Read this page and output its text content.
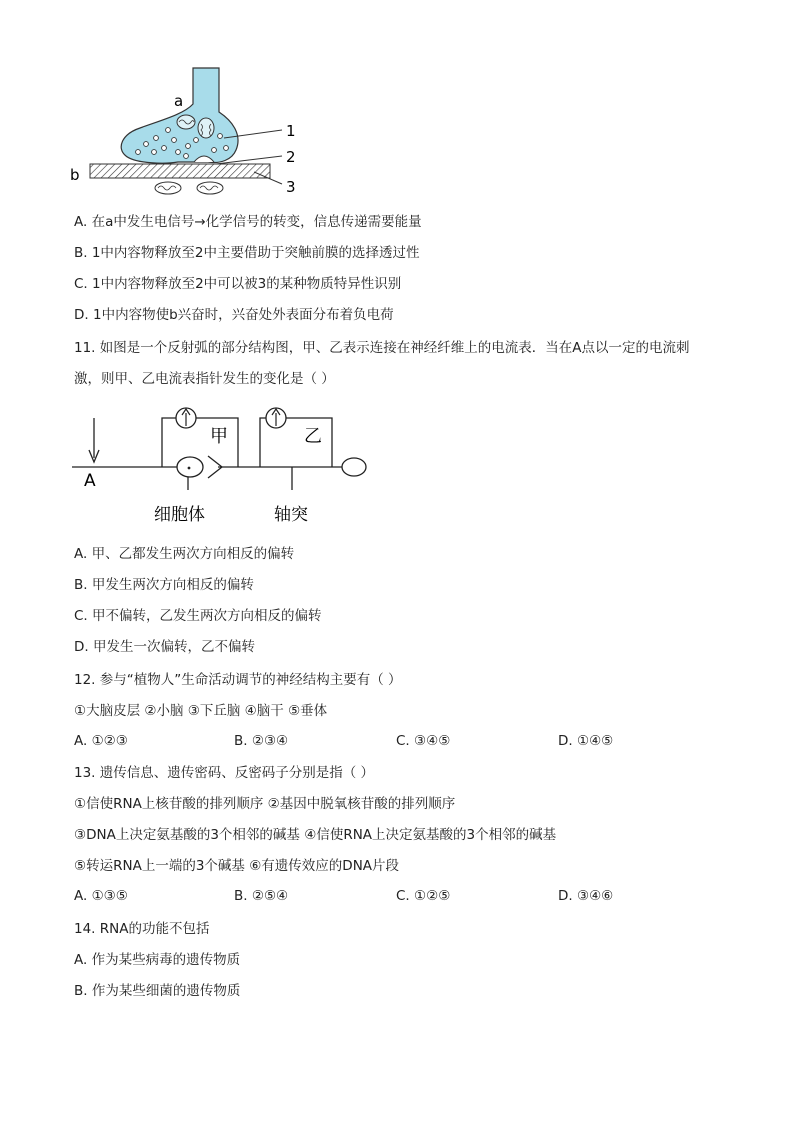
a
b
1
2
3
A. 在a中发生电信号→化学信号的转变，信息传递需要能量
B. 1中内容物释放至2中主要借助于突触前膜的选择透过性
C. 1中内容物释放至2中可以被3的某种物质特异性识别
D. 1中内容物使b兴奋时，兴奋处外表面分布着负电荷
11. 如图是一个反射弧的部分结构图，甲、乙表示连接在神经纤维上的电流表．当在A点以一定的电流刺
激，则甲、乙电流表指针发生的变化是（ ）
A
甲	乙
细胞体	轴突
A. 甲、乙都发生两次方向相反的偏转
B. 甲发生两次方向相反的偏转
C. 甲不偏转，乙发生两次方向相反的偏转
D. 甲发生一次偏转，乙不偏转
12. 参与“植物人”生命活动调节的神经结构主要有（ ）
①大脑皮层 ②小脑 ③下丘脑 ④脑干 ⑤垂体
A. ①②③	B. ②③④	C. ③④⑤	D. ①④⑤
13. 遗传信息、遗传密码、反密码子分别是指（ ）
①信使RNA上核苷酸的排列顺序 ②基因中脱氧核苷酸的排列顺序
③DNA上决定氨基酸的3个相邻的碱基 ④信使RNA上决定氨基酸的3个相邻的碱基
⑤转运RNA上一端的3个碱基 ⑥有遗传效应的DNA片段
A. ①③⑤	B. ②⑤④	C. ①②⑤	D. ③④⑥
14. RNA的功能不包括
A. 作为某些病毒的遗传物质
B. 作为某些细菌的遗传物质
